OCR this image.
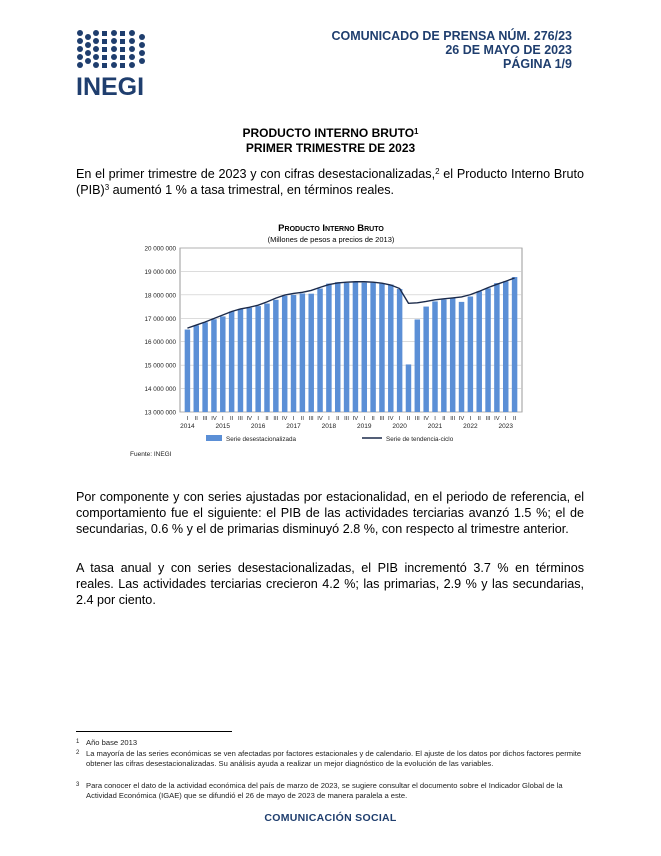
INEGI
COMUNICADO DE PRENSA NÚM. 276/23
26 DE MAYO DE 2023
PÁGINA 1/9
PRODUCTO INTERNO BRUTO$^1$
PRIMER TRIMESTRE DE 2023
En el primer trimestre de 2023 y con cifras desestacionalizadas,$^2$ el Producto Interno Bruto (PIB)$^3$ aumentó 1 % a tasa trimestral, en términos reales.
Producto Interno Bruto
(Millones de pesos a precios de 2013)
13 000 000
14 000 000
15 000 000
16 000 000
17 000 000
18 000 000
19 000 000
20 000 000
I
2014
II III IV I
2015
II III IV I
2016
II III IV I
2017
II III IV I
2018
II III IV I
2019
II III IV I
2020
II III IV I
2021
II III IV I
2022
II III IV I
2023
II
Serie desestacionalizada	Serie de tendencia-ciclo
Fuente: INEGI
Por componente y con series ajustadas por estacionalidad, en el periodo de referencia, el comportamiento fue el siguiente: el PIB de las actividades terciarias avanzó 1.5 %; el de secundarias, 0.6 % y el de primarias disminuyó 2.8 %, con respecto al trimestre anterior.
A tasa anual y con series desestacionalizadas, el PIB incrementó 3.7 % en términos reales. Las actividades terciarias crecieron 4.2 %; las primarias, 2.9 % y las secundarias, 2.4 por ciento.
1 Año base 2013
2 La mayoría de las series económicas se ven afectadas por factores estacionales y de calendario. El ajuste de los datos por dichos factores permite obtener las cifras desestacionalizadas. Su análisis ayuda a realizar un mejor diagnóstico de la evolución de las variables.
3 Para conocer el dato de la actividad económica del país de marzo de 2023, se sugiere consultar el documento sobre el Indicador Global de la Actividad Económica (IGAE) que se difundió el 26 de mayo de 2023 de manera paralela a este.
COMUNICACIÓN SOCIAL
